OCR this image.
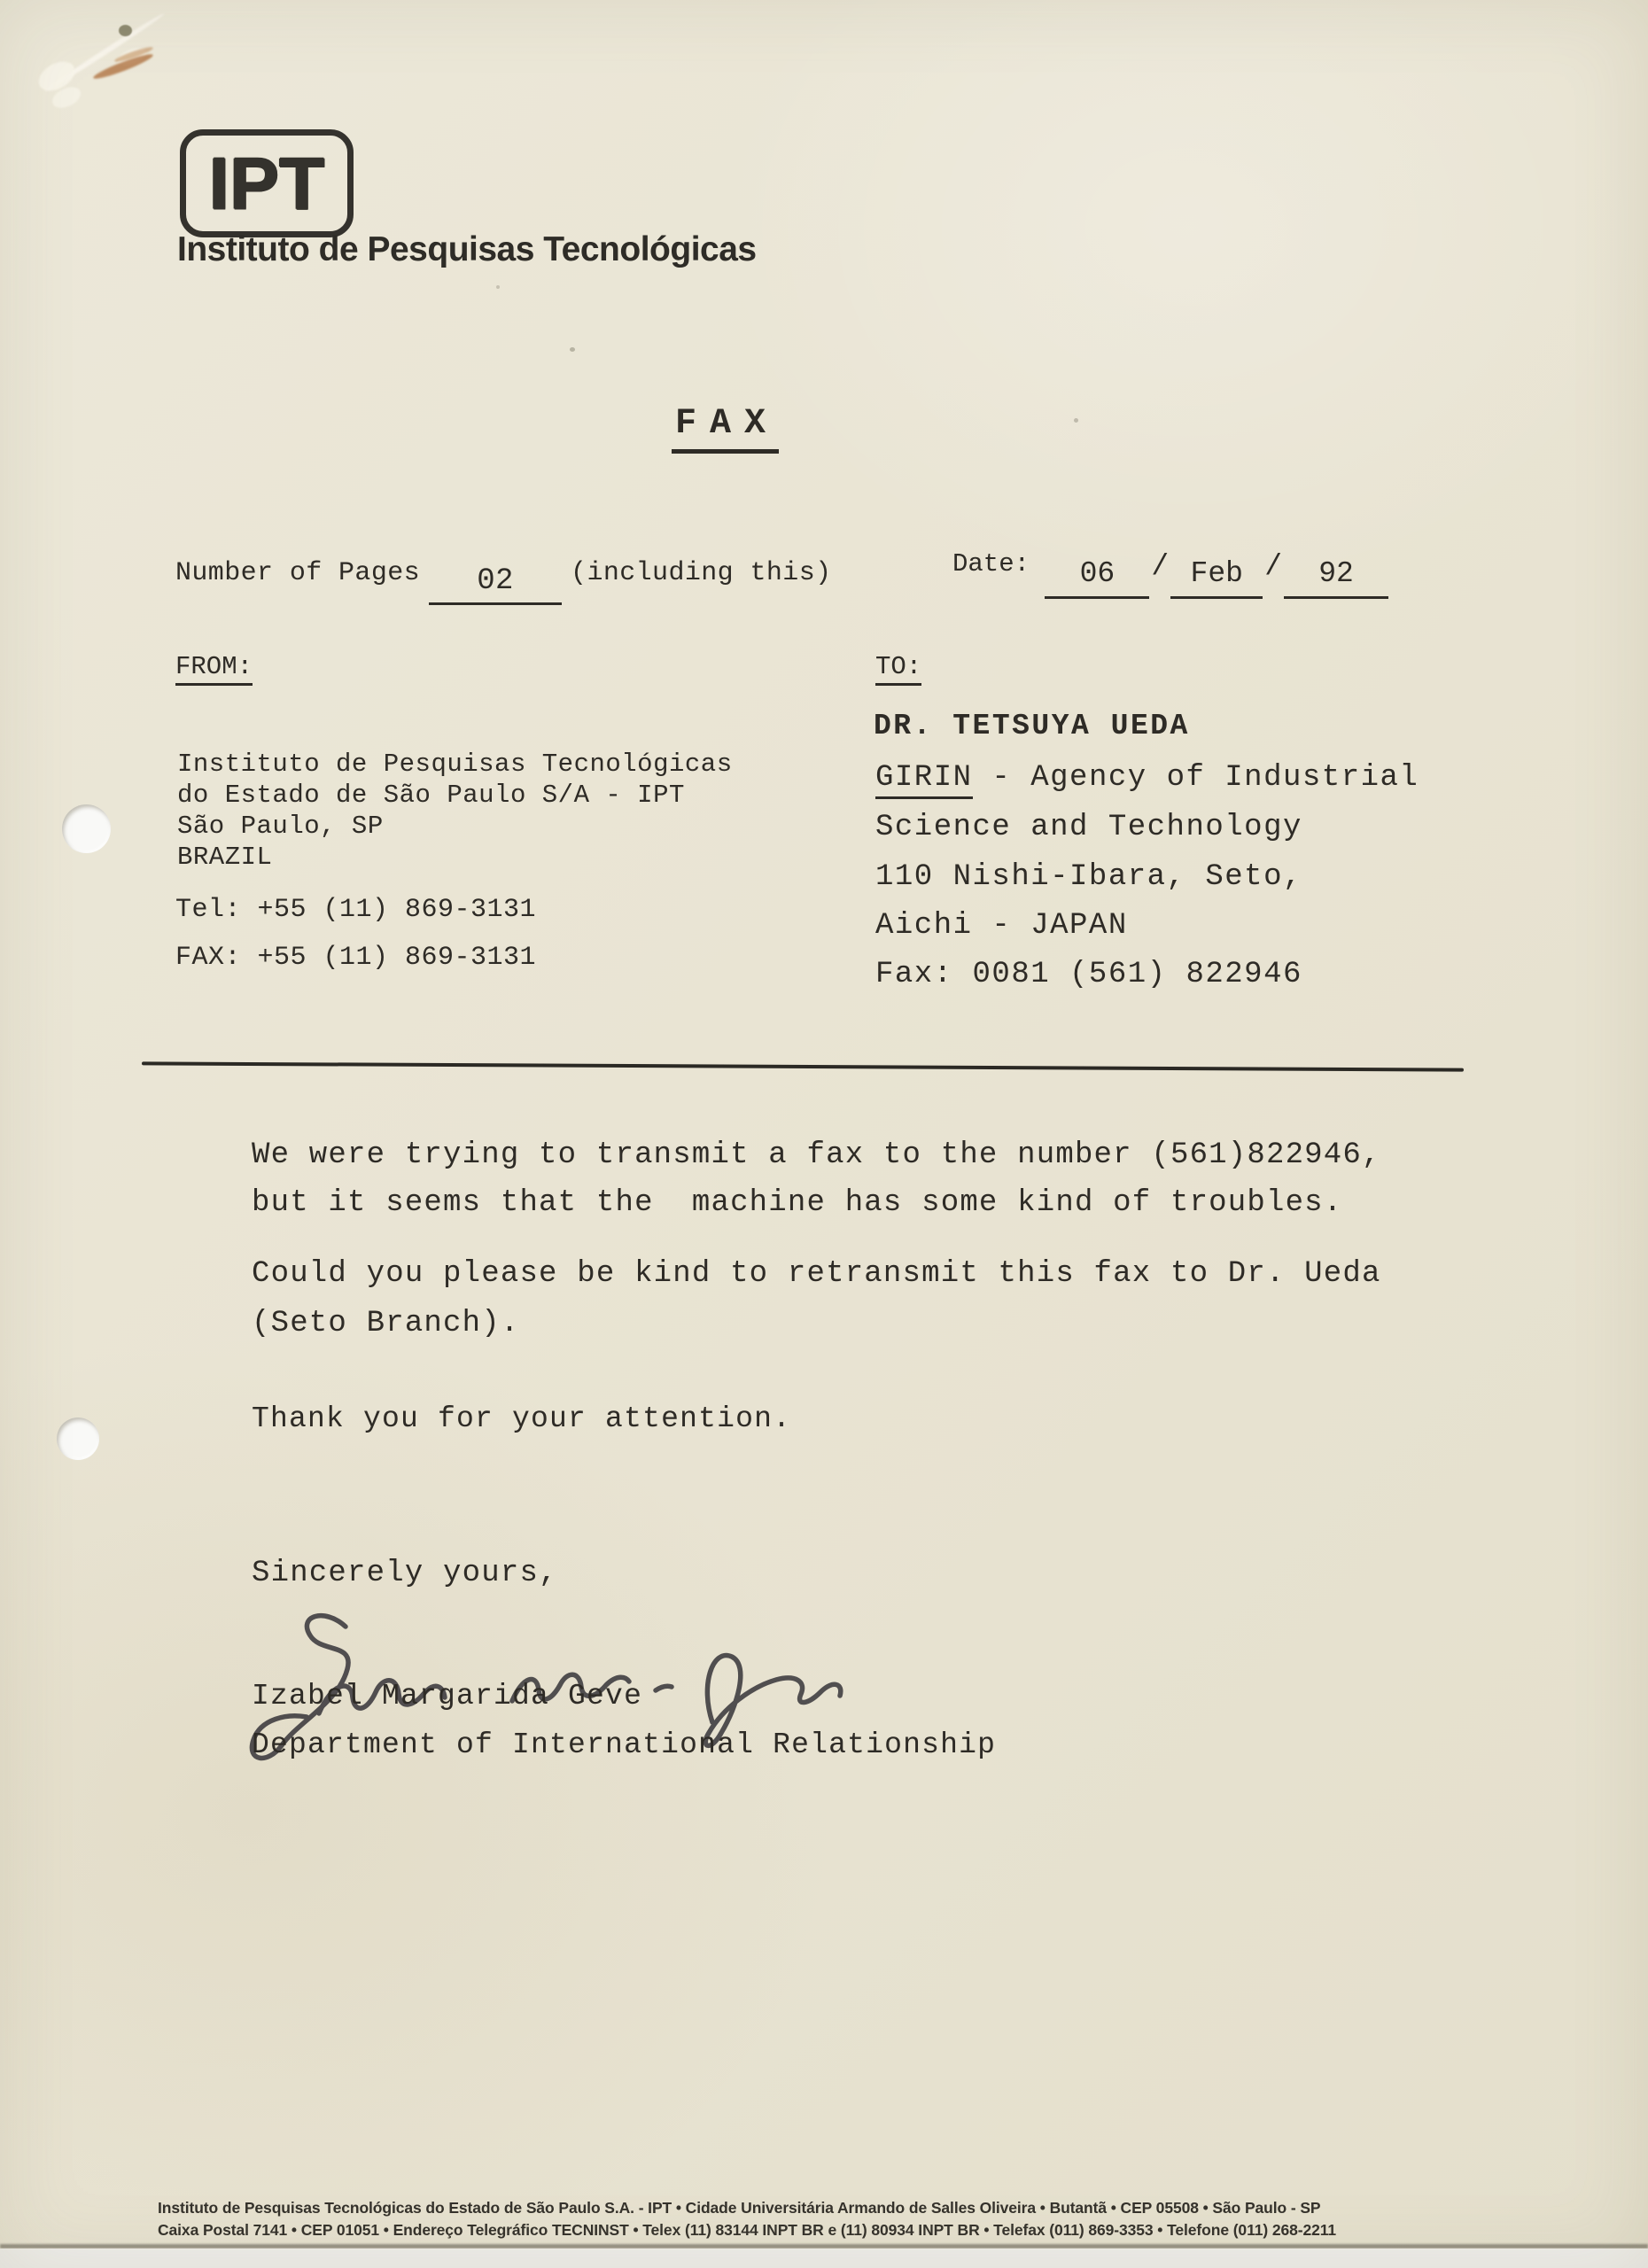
IPT
Instituto de Pesquisas Tecnológicas
FAX
Number of Pages 02 (including this)	Date: 06 / Feb / 92
FROM:
Instituto de Pesquisas Tecnológicas
do Estado de São Paulo S/A - IPT
São Paulo, SP
BRAZIL
Tel: +55 (11) 869-3131
FAX: +55 (11) 869-3131
TO:
DR. TETSUYA UEDA
GIRIN - Agency of Industrial
Science and Technology
110 Nishi-Ibara, Seto,
Aichi - JAPAN
Fax: 0081 (561) 822946
We were trying to transmit a fax to the number (561)822946,
but it seems that the  machine has some kind of troubles.
Could you please be kind to retransmit this fax to Dr. Ueda
(Seto Branch).
Thank you for your attention.
Sincerely yours,
Izabel Margarida Geve
Department of International Relationship
Instituto de Pesquisas Tecnológicas do Estado de São Paulo S.A. - IPT • Cidade Universitária Armando de Salles Oliveira • Butantã • CEP 05508 • São Paulo - SP
Caixa Postal 7141 • CEP 01051 • Endereço Telegráfico TECNINST • Telex (11) 83144 INPT BR e (11) 80934 INPT BR • Telefax (011) 869-3353 • Telefone (011) 268-2211
